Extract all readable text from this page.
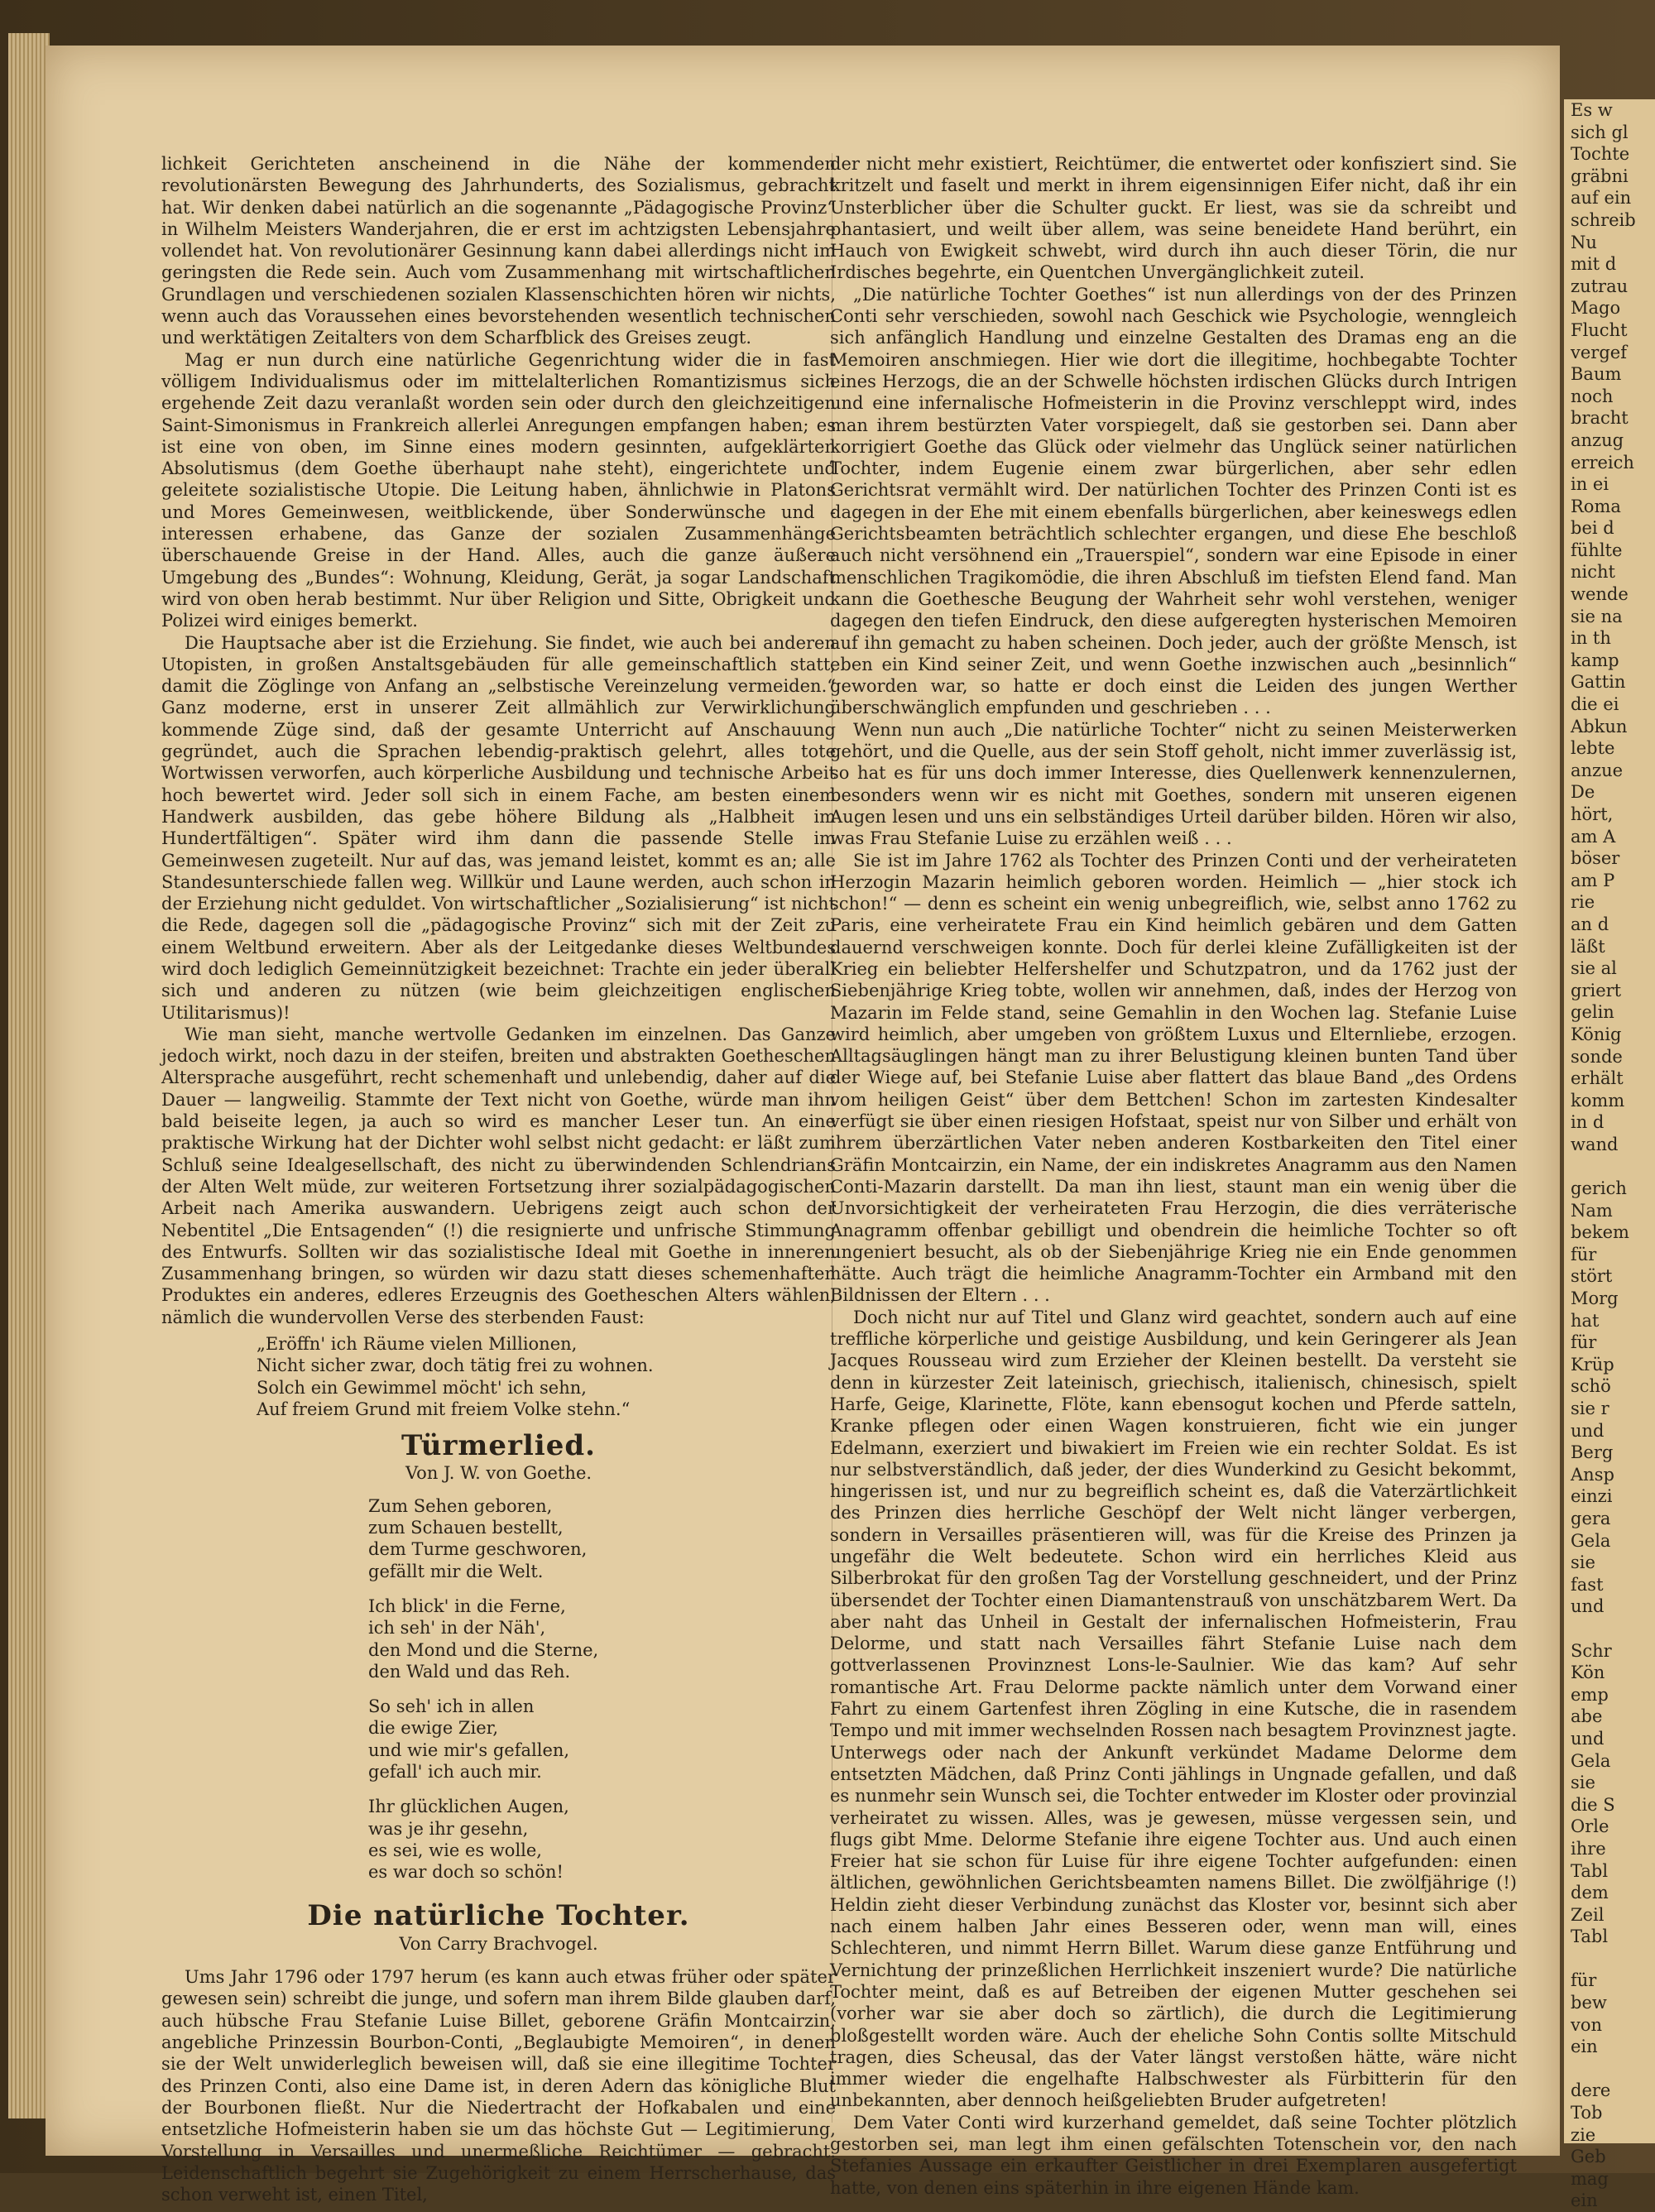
lichkeit Gerichteten anscheinend in die Nähe der kommenden revolutionärsten Bewegung des Jahrhunderts, des Sozialismus, gebracht hat. Wir denken dabei natürlich an die sogenannte „Pädagogische Provinz“ in Wilhelm Meisters Wanderjahren, die er erst im achtzigsten Lebensjahre vollendet hat. Von revolutionärer Gesinnung kann dabei allerdings nicht im geringsten die Rede sein. Auch vom Zusammenhang mit wirtschaftlichen Grundlagen und verschiedenen sozialen Klassenschichten hören wir nichts, wenn auch das Voraussehen eines bevorstehenden wesentlich technischen und werktätigen Zeitalters von dem Scharfblick des Greises zeugt.

Mag er nun durch eine natürliche Gegenrichtung wider die in fast völligem Individualismus oder im mittelalterlichen Romantizismus sich ergehende Zeit dazu veranlaßt worden sein oder durch den gleichzeitigen Saint-Simonismus in Frankreich allerlei Anregungen empfangen haben; es ist eine von oben, im Sinne eines modern gesinnten, aufgeklärten Absolutismus (dem Goethe überhaupt nahe steht), eingerichtete und geleitete sozialistische Utopie. Die Leitung haben, ähnlichwie in Platons und Mores Gemeinwesen, weitblickende, über Sonderwünsche und -interessen erhabene, das Ganze der sozialen Zusammenhänge überschauende Greise in der Hand. Alles, auch die ganze äußere Umgebung des „Bundes“: Wohnung, Kleidung, Gerät, ja sogar Landschaft wird von oben herab bestimmt. Nur über Religion und Sitte, Obrigkeit und Polizei wird einiges bemerkt.

Die Hauptsache aber ist die Erziehung. Sie findet, wie auch bei anderen Utopisten, in großen Anstaltsgebäuden für alle gemeinschaftlich statt, damit die Zöglinge von Anfang an „selbstische Vereinzelung vermeiden.“ Ganz moderne, erst in unserer Zeit allmählich zur Verwirklichung kommende Züge sind, daß der gesamte Unterricht auf Anschauung gegründet, auch die Sprachen lebendig-praktisch gelehrt, alles tote Wortwissen verworfen, auch körperliche Ausbildung und technische Arbeit hoch bewertet wird. Jeder soll sich in einem Fache, am besten einem Handwerk ausbilden, das gebe höhere Bildung als „Halbheit im Hundertfältigen“. Später wird ihm dann die passende Stelle im Gemeinwesen zugeteilt. Nur auf das, was jemand leistet, kommt es an; alle Standesunterschiede fallen weg. Willkür und Laune werden, auch schon in der Erziehung nicht geduldet. Von wirtschaftlicher „Sozialisierung“ ist nicht die Rede, dagegen soll die „pädagogische Provinz“ sich mit der Zeit zu einem Weltbund erweitern. Aber als der Leitgedanke dieses Weltbundes wird doch lediglich Gemeinnützigkeit bezeichnet: Trachte ein jeder überall sich und anderen zu nützen (wie beim gleichzeitigen englischen Utilitarismus)!

Wie man sieht, manche wertvolle Gedanken im einzelnen. Das Ganze jedoch wirkt, noch dazu in der steifen, breiten und abstrakten Goetheschen Altersprache ausgeführt, recht schemenhaft und unlebendig, daher auf die Dauer — langweilig. Stammte der Text nicht von Goethe, würde man ihn bald beiseite legen, ja auch so wird es mancher Leser tun. An eine praktische Wirkung hat der Dichter wohl selbst nicht gedacht: er läßt zum Schluß seine Idealgesellschaft, des nicht zu überwindenden Schlendrians der Alten Welt müde, zur weiteren Fortsetzung ihrer sozialpädagogischen Arbeit nach Amerika auswandern. Uebrigens zeigt auch schon der Nebentitel „Die Entsagenden“ (!) die resignierte und unfrische Stimmung des Entwurfs. Sollten wir das sozialistische Ideal mit Goethe in inneren Zusammenhang bringen, so würden wir dazu statt dieses schemenhaften Produktes ein anderes, edleres Erzeugnis des Goetheschen Alters wählen, nämlich die wundervollen Verse des sterbenden Faust:

„Eröffn' ich Räume vielen Millionen,
Nicht sicher zwar, doch tätig frei zu wohnen.
Solch ein Gewimmel möcht' ich sehn,
Auf freiem Grund mit freiem Volke stehn.“
Türmerlied.
Von J. W. von Goethe.
Zum Sehen geboren,
zum Schauen bestellt,
dem Turme geschworen,
gefällt mir die Welt.
Ich blick' in die Ferne,
ich seh' in der Näh',
den Mond und die Sterne,
den Wald und das Reh.
So seh' ich in allen
die ewige Zier,
und wie mir's gefallen,
gefall' ich auch mir.
Ihr glücklichen Augen,
was je ihr gesehn,
es sei, wie es wolle,
es war doch so schön!
Die natürliche Tochter.
Von Carry Brachvogel.

Ums Jahr 1796 oder 1797 herum (es kann auch etwas früher oder später gewesen sein) schreibt die junge, und sofern man ihrem Bilde glauben darf, auch hübsche Frau Stefanie Luise Billet, geborene Gräfin Montcairzin, angebliche Prinzessin Bourbon-Conti, „Beglaubigte Memoiren“, in denen sie der Welt unwiderleglich beweisen will, daß sie eine illegitime Tochter des Prinzen Conti, also eine Dame ist, in deren Adern das königliche Blut der Bourbonen fließt. Nur die Niedertracht der Hofkabalen und eine entsetzliche Hofmeisterin haben sie um das höchste Gut — Legitimierung, Vorstellung in Versailles und unermeßliche Reichtümer — gebracht. Leidenschaftlich begehrt sie Zugehörigkeit zu einem Herrscherhause, das schon verweht ist, einen Titel,

der nicht mehr existiert, Reichtümer, die entwertet oder konfisziert sind. Sie kritzelt und faselt und merkt in ihrem eigensinnigen Eifer nicht, daß ihr ein Unsterblicher über die Schulter guckt. Er liest, was sie da schreibt und phantasiert, und weilt über allem, was seine beneidete Hand berührt, ein Hauch von Ewigkeit schwebt, wird durch ihn auch dieser Törin, die nur Irdisches begehrte, ein Quentchen Unvergänglichkeit zuteil.

„Die natürliche Tochter Goethes“ ist nun allerdings von der des Prinzen Conti sehr verschieden, sowohl nach Geschick wie Psychologie, wenngleich sich anfänglich Handlung und einzelne Gestalten des Dramas eng an die Memoiren anschmiegen. Hier wie dort die illegitime, hochbegabte Tochter eines Herzogs, die an der Schwelle höchsten irdischen Glücks durch Intrigen und eine infernalische Hofmeisterin in die Provinz verschleppt wird, indes man ihrem bestürzten Vater vorspiegelt, daß sie gestorben sei. Dann aber korrigiert Goethe das Glück oder vielmehr das Unglück seiner natürlichen Tochter, indem Eugenie einem zwar bürgerlichen, aber sehr edlen Gerichtsrat vermählt wird. Der natürlichen Tochter des Prinzen Conti ist es dagegen in der Ehe mit einem ebenfalls bürgerlichen, aber keineswegs edlen Gerichtsbeamten beträchtlich schlechter ergangen, und diese Ehe beschloß auch nicht versöhnend ein „Trauerspiel“, sondern war eine Episode in einer menschlichen Tragikomödie, die ihren Abschluß im tiefsten Elend fand. Man kann die Goethesche Beugung der Wahrheit sehr wohl verstehen, weniger dagegen den tiefen Eindruck, den diese aufgeregten hysterischen Memoiren auf ihn gemacht zu haben scheinen. Doch jeder, auch der größte Mensch, ist eben ein Kind seiner Zeit, und wenn Goethe inzwischen auch „besinnlich“ geworden war, so hatte er doch einst die Leiden des jungen Werther überschwänglich empfunden und geschrieben . . .

Wenn nun auch „Die natürliche Tochter“ nicht zu seinen Meisterwerken gehört, und die Quelle, aus der sein Stoff geholt, nicht immer zuverlässig ist, so hat es für uns doch immer Interesse, dies Quellenwerk kennenzulernen, besonders wenn wir es nicht mit Goethes, sondern mit unseren eigenen Augen lesen und uns ein selbständiges Urteil darüber bilden. Hören wir also, was Frau Stefanie Luise zu erzählen weiß . . .

Sie ist im Jahre 1762 als Tochter des Prinzen Conti und der verheirateten Herzogin Mazarin heimlich geboren worden. Heimlich — „hier stock ich schon!“ — denn es scheint ein wenig unbegreiflich, wie, selbst anno 1762 zu Paris, eine verheiratete Frau ein Kind heimlich gebären und dem Gatten dauernd verschweigen konnte. Doch für derlei kleine Zufälligkeiten ist der Krieg ein beliebter Helfershelfer und Schutzpatron, und da 1762 just der Siebenjährige Krieg tobte, wollen wir annehmen, daß, indes der Herzog von Mazarin im Felde stand, seine Gemahlin in den Wochen lag. Stefanie Luise wird heimlich, aber umgeben von größtem Luxus und Elternliebe, erzogen. Alltagsäuglingen hängt man zu ihrer Belustigung kleinen bunten Tand über der Wiege auf, bei Stefanie Luise aber flattert das blaue Band „des Ordens vom heiligen Geist“ über dem Bettchen! Schon im zartesten Kindesalter verfügt sie über einen riesigen Hofstaat, speist nur von Silber und erhält von ihrem überzärtlichen Vater neben anderen Kostbarkeiten den Titel einer Gräfin Montcairzin, ein Name, der ein indiskretes Anagramm aus den Namen Conti-Mazarin darstellt. Da man ihn liest, staunt man ein wenig über die Unvorsichtigkeit der verheirateten Frau Herzogin, die dies verräterische Anagramm offenbar gebilligt und obendrein die heimliche Tochter so oft ungeniert besucht, als ob der Siebenjährige Krieg nie ein Ende genommen hätte. Auch trägt die heimliche Anagramm-Tochter ein Armband mit den Bildnissen der Eltern . . .

Doch nicht nur auf Titel und Glanz wird geachtet, sondern auch auf eine treffliche körperliche und geistige Ausbildung, und kein Geringerer als Jean Jacques Rousseau wird zum Erzieher der Kleinen bestellt. Da versteht sie denn in kürzester Zeit lateinisch, griechisch, italienisch, chinesisch, spielt Harfe, Geige, Klarinette, Flöte, kann ebensogut kochen und Pferde satteln, Kranke pflegen oder einen Wagen konstruieren, ficht wie ein junger Edelmann, exerziert und biwakiert im Freien wie ein rechter Soldat. Es ist nur selbstverständlich, daß jeder, der dies Wunderkind zu Gesicht bekommt, hingerissen ist, und nur zu begreiflich scheint es, daß die Vaterzärtlichkeit des Prinzen dies herrliche Geschöpf der Welt nicht länger verbergen, sondern in Versailles präsentieren will, was für die Kreise des Prinzen ja ungefähr die Welt bedeutete. Schon wird ein herrliches Kleid aus Silberbrokat für den großen Tag der Vorstellung geschneidert, und der Prinz übersendet der Tochter einen Diamantenstrauß von unschätzbarem Wert. Da aber naht das Unheil in Gestalt der infernalischen Hofmeisterin, Frau Delorme, und statt nach Versailles fährt Stefanie Luise nach dem gottverlassenen Provinznest Lons-le-Saulnier. Wie das kam? Auf sehr romantische Art. Frau Delorme packte nämlich unter dem Vorwand einer Fahrt zu einem Gartenfest ihren Zögling in eine Kutsche, die in rasendem Tempo und mit immer wechselnden Rossen nach besagtem Provinznest jagte. Unterwegs oder nach der Ankunft verkündet Madame Delorme dem entsetzten Mädchen, daß Prinz Conti jählings in Ungnade gefallen, und daß es nunmehr sein Wunsch sei, die Tochter entweder im Kloster oder provinzial verheiratet zu wissen. Alles, was je gewesen, müsse vergessen sein, und flugs gibt Mme. Delorme Stefanie ihre eigene Tochter aus. Und auch einen Freier hat sie schon für Luise für ihre eigene Tochter aufgefunden: einen ältlichen, gewöhnlichen Gerichtsbeamten namens Billet. Die zwölfjährige (!) Heldin zieht dieser Verbindung zunächst das Kloster vor, besinnt sich aber nach einem halben Jahr eines Besseren oder, wenn man will, eines Schlechteren, und nimmt Herrn Billet. Warum diese ganze Entführung und Vernichtung der prinzeßlichen Herrlichkeit inszeniert wurde? Die natürliche Tochter meint, daß es auf Betreiben der eigenen Mutter geschehen sei (vorher war sie aber doch so zärtlich), die durch die Legitimierung bloßgestellt worden wäre. Auch der eheliche Sohn Contis sollte Mitschuld tragen, dies Scheusal, das der Vater längst verstoßen hätte, wäre nicht immer wieder die engelhafte Halbschwester als Fürbitterin für den unbekannten, aber dennoch heißgeliebten Bruder aufgetreten!

Dem Vater Conti wird kurzerhand gemeldet, daß seine Tochter plötzlich gestorben sei, man legt ihm einen gefälschten Totenschein vor, den nach Stefanies Aussage ein erkaufter Geistlicher in drei Exemplaren ausgefertigt hatte, von denen eins späterhin in ihre eigenen Hände kam.

Es w
sich gl
Tochte
gräbni
auf ein
schreib
Nu
mit d
zutrau
Mago
Flucht
vergef
Baum
noch
bracht
anzug
erreich
in ei
Roma
bei d
fühlte
nicht
wende
sie na
in th
kamp
Gattin
die ei
Abkun
lebte
anzue
De
hört,
am A
böser
am P
rie
an d
läßt
sie al
griert
gelin
König
sonde
erhält
komm
in d
wand
gerich
Nam
bekem
für
stört
Morg
hat
für
Krüp
schö
sie r
und
Berg
Ansp
einzi
gera
Gela
sie
fast
und
Schr
Kön
emp
abe
und
Gela
sie
die S
Orle
ihre
Tabl
dem
Zeil
Tabl
für
bew
von
ein
dere
Tob
zie
Geb
mag
ein
